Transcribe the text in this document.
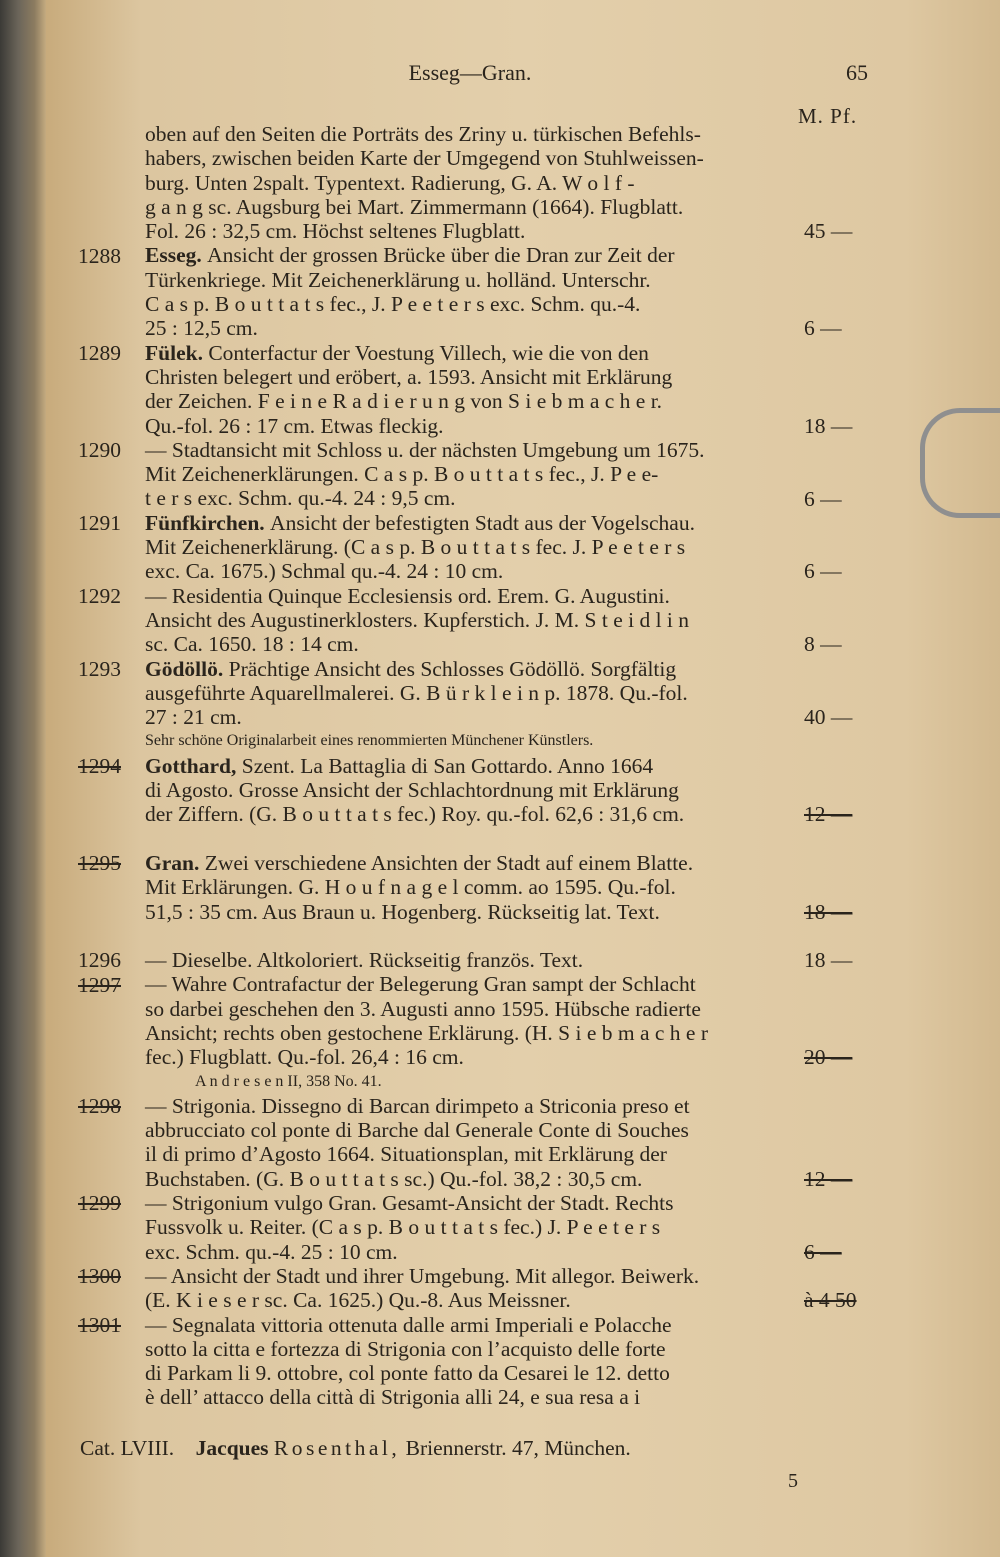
Esseg—Gran.	65
M. Pf.
oben auf den Seiten die Porträts des Zriny u. türkischen Befehls-
habers, zwischen beiden Karte der Umgegend von Stuhlweissen-
burg. Unten 2spalt. Typentext. Radierung, G. A. W o l f -
g a n g sc. Augsburg bei Mart. Zimmermann (1664). Flugblatt.
Fol. 26 : 32,5 cm. Höchst seltenes Flugblatt.
Esseg. Ansicht der grossen Brücke über die Dran zur Zeit der
Türkenkriege. Mit Zeichenerklärung u. holländ. Unterschr.
C a s p. B o u t t a t s fec., J. P e e t e r s exc. Schm. qu.-4.
25 : 12,5 cm.
Fülek. Conterfactur der Voestung Villech, wie die von den
Christen belegert und eröbert, a. 1593. Ansicht mit Erklärung
der Zeichen. F e i n e R a d i e r u n g von S i e b m a c h e r.
Qu.-fol. 26 : 17 cm. Etwas fleckig.
— Stadtansicht mit Schloss u. der nächsten Umgebung um 1675.
Mit Zeichenerklärungen. C a s p. B o u t t a t s fec., J. P e e-
t e r s exc. Schm. qu.-4. 24 : 9,5 cm.
Fünfkirchen. Ansicht der befestigten Stadt aus der Vogelschau.
Mit Zeichenerklärung. (C a s p. B o u t t a t s fec. J. P e e t e r s
exc. Ca. 1675.) Schmal qu.-4. 24 : 10 cm.
— Residentia Quinque Ecclesiensis ord. Erem. G. Augustini.
Ansicht des Augustinerklosters. Kupferstich. J. M. S t e i d l i n
sc. Ca. 1650. 18 : 14 cm.
Gödöllö. Prächtige Ansicht des Schlosses Gödöllö. Sorgfältig
ausgeführte Aquarellmalerei. G. B ü r k l e i n p. 1878. Qu.-fol.
27 : 21 cm.
Sehr schöne Originalarbeit eines renommierten Münchener Künstlers.
Gotthard, Szent. La Battaglia di San Gottardo. Anno 1664
di Agosto. Grosse Ansicht der Schlachtordnung mit Erklärung
der Ziffern. (G. B o u t t a t s fec.) Roy. qu.-fol. 62,6 : 31,6 cm.
Gran. Zwei verschiedene Ansichten der Stadt auf einem Blatte.
Mit Erklärungen. G. H o u f n a g e l comm. ao 1595. Qu.-fol.
51,5 : 35 cm. Aus Braun u. Hogenberg. Rückseitig lat. Text.
— Dieselbe. Altkoloriert. Rückseitig französ. Text.
— Wahre Contrafactur der Belegerung Gran sampt der Schlacht
so darbei geschehen den 3. Augusti anno 1595. Hübsche radierte
Ansicht; rechts oben gestochene Erklärung. (H. S i e b m a c h e r
fec.) Flugblatt. Qu.-fol. 26,4 : 16 cm.
A n d r e s e n II, 358 No. 41.
— Strigonia. Dissegno di Barcan dirimpeto a Striconia preso et
abbrucciato col ponte di Barche dal Generale Conte di Souches
il di primo d’Agosto 1664. Situationsplan, mit Erklärung der
Buchstaben. (G. B o u t t a t s sc.) Qu.-fol. 38,2 : 30,5 cm.
— Strigonium vulgo Gran. Gesamt-Ansicht der Stadt. Rechts
Fussvolk u. Reiter. (C a s p. B o u t t a t s fec.) J. P e e t e r s
exc. Schm. qu.-4. 25 : 10 cm.
— Ansicht der Stadt und ihrer Umgebung. Mit allegor. Beiwerk.
(E. K i e s e r sc. Ca. 1625.) Qu.-8. Aus Meissner.
— Segnalata vittoria ottenuta dalle armi Imperiali e Polacche
sotto la citta e fortezza di Strigonia con l’acquisto delle forte
di Parkam li 9. ottobre, col ponte fatto da Cesarei le 12. detto
è dell’ attacco della città di Strigonia alli 24, e sua resa a i
Cat. LVIII. Jacques Rosenthal, Briennerstr. 47, München.
5
45 —
1288
6 —
1289
18 —
1290
6 —
1291
6 —
1292
8 —
1293
40 —
1294
12 —
1295
18 —
1296	18 —
1297
20 —
1298
12 —
1299
6 —
1300
à 4 50
1301
